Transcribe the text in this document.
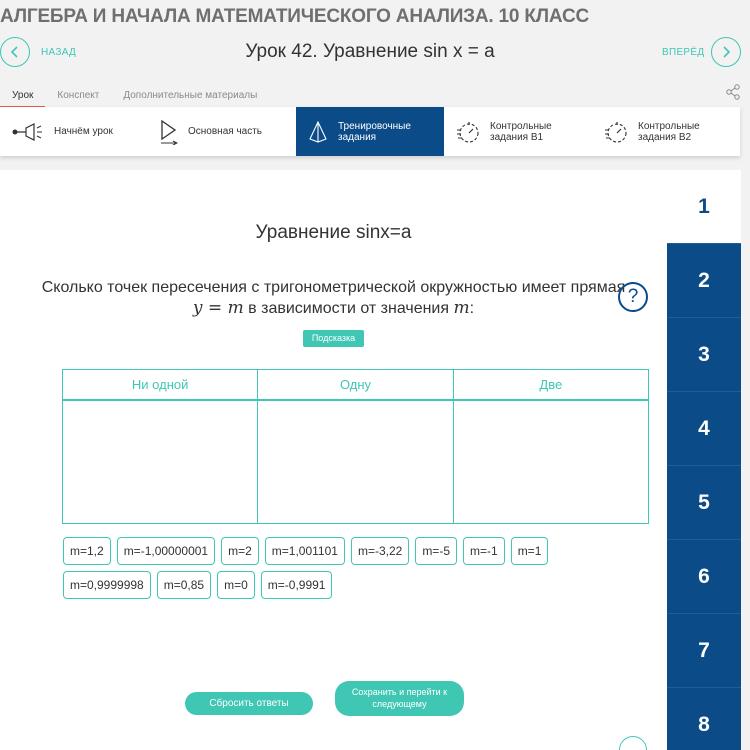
АЛГЕБРА И НАЧАЛА МАТЕМАТИЧЕСКОГО АНАЛИЗА. 10 КЛАСС
НАЗАД	Урок 42. Уравнение sin x = a	ВПЕРЁД
Урок	Конспект	Дополнительные материалы
Начнём урок	Основная часть	Тренировочные задания
Контрольные задания В1
Контрольные задания В2
Уравнение sinx=a
Сколько точек пересечения с тригонометрической окружностью имеет прямая y = m в зависимости от значения m:
?
Подсказка
Ни одной	Одну	Две
m=1,2	m=-1,00000001	m=2	m=1,001101	m=-3,22	m=-5	m=-1	m=1
m=0,9999998	m=0,85	m=0	m=-0,9991
Сбросить ответы
Сохранить и перейти к следующему
1
2
3
4
5
6
7
8
